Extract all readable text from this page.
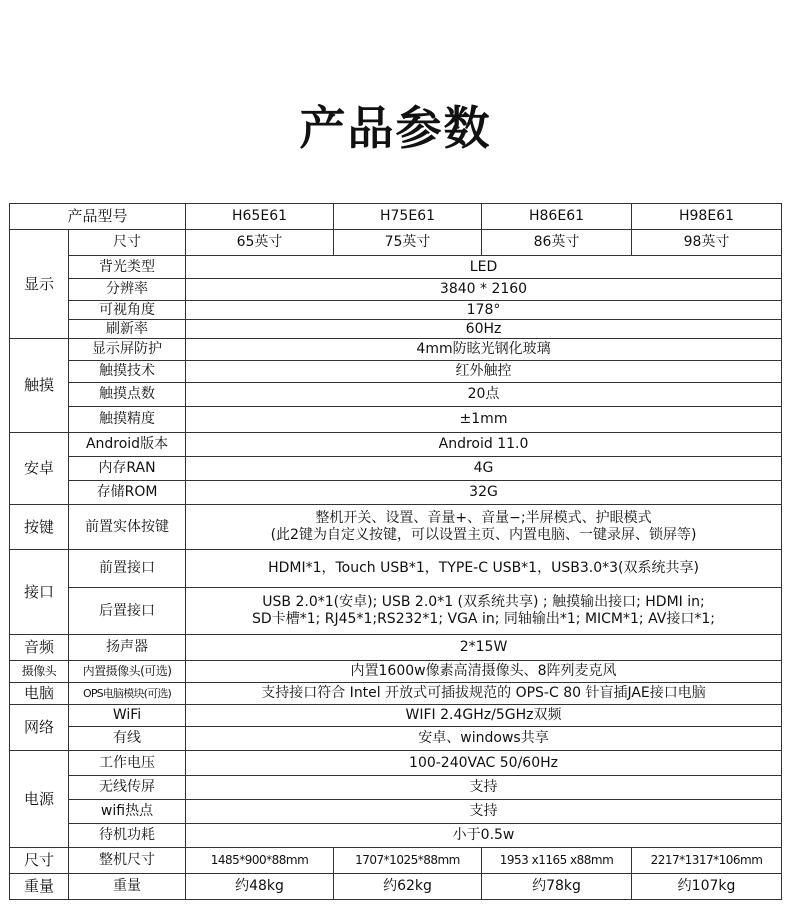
产品参数
产品型号		H65E61	H75E61	H86E61	H98E61
显示	尺寸	65英寸	75英寸	86英寸	98英寸
	背光类型	LED			
	分辨率	3840 * 2160			
	可视角度	178°			
	刷新率	60Hz			
触摸	显示屏防护	4mm防眩光钢化玻璃			
	触摸技术	红外触控			
	触摸点数	20点			
	触摸精度	±1mm			
安卓	Android版本	Android 11.0			
	内存RAN	4G			
	存储ROM	32G			
按键	前置实体按键	整机开关、设置、音量+、音量−;半屏模式、护眼模式
(此2键为自定义按键，可以设置主页、内置电脑、一键录屏、锁屏等)			

接口	前置接口	HDMI*1，Touch USB*1，TYPE-C USB*1，USB3.0*3(双系统共享)			
	后置接口	USB 2.0*1(安卓); USB 2.0*1 (双系统共享) ; 触摸输出接口; HDMI in;
SD卡槽*1; RJ45*1;RS232*1; VGA in; 同轴输出*1; MICM*1; AV接口*1;			

音频	扬声器	2*15W			
摄像头	内置摄像头(可选)	内置1600w像素高清摄像头、8阵列麦克风			
电脑	OPS电脑模块(可选)	支持接口符合 Intel 开放式可插拔规范的 OPS-C 80 针盲插JAE接口电脑			
网络	WiFi	WIFI 2.4GHz/5GHz双频			
	有线	安卓、windows共享			
电源	工作电压	100-240VAC 50/60Hz			
	无线传屏	支持			
	wifi热点	支持			
	待机功耗	小于0.5w			
尺寸	整机尺寸	1485*900*88mm	1707*1025*88mm	1953 x1165 x88mm	2217*1317*106mm
重量	重量	约48kg	约62kg	约78kg	约107kg
